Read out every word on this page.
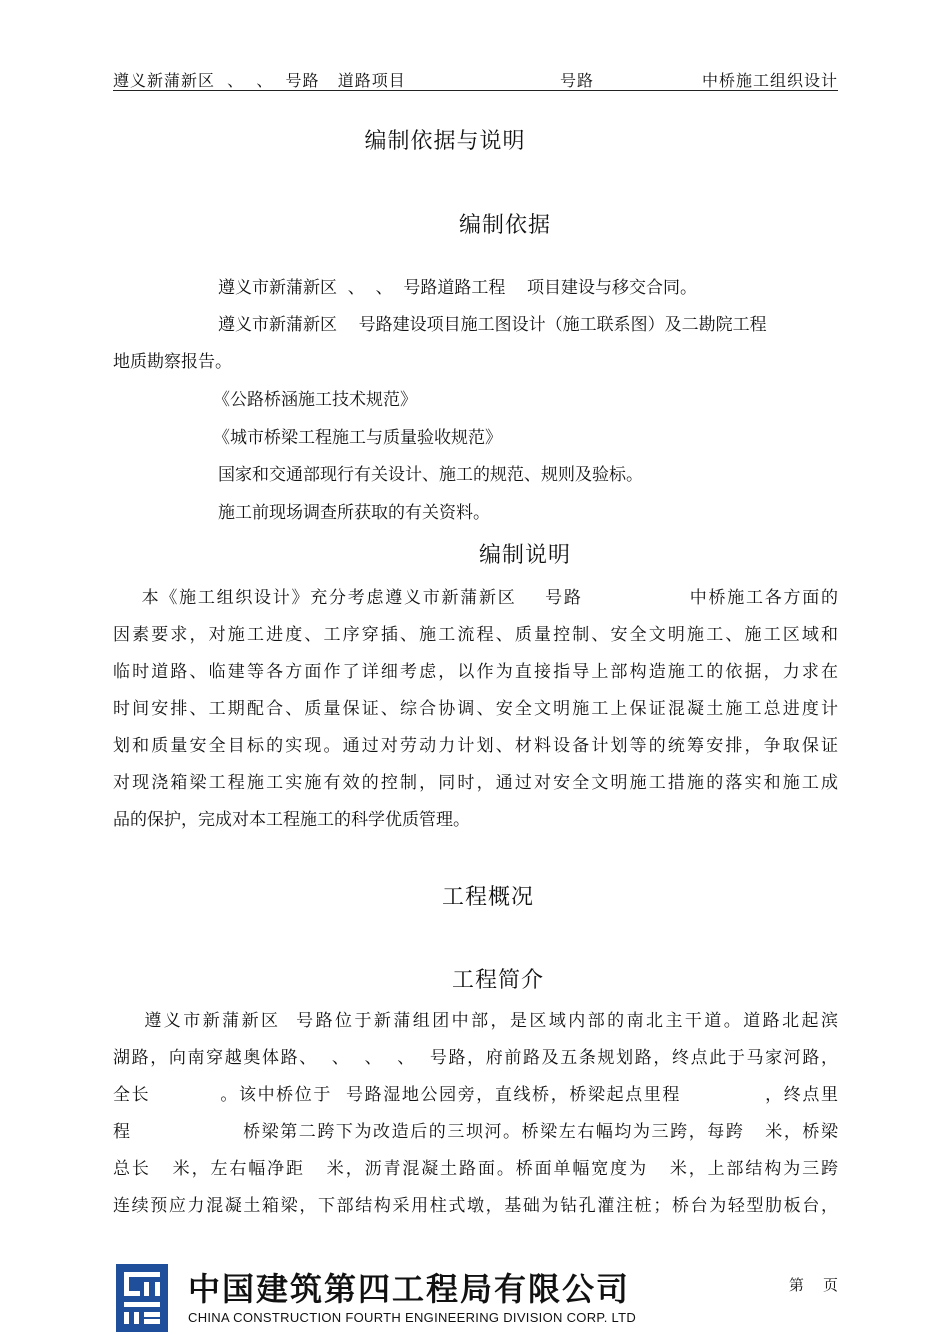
遵义新蒲新区  、  、  号路   道路项目	号路	中桥施工组织设计
编制依据与说明
编制依据
遵义市新蒲新区  、  、  号路道路工程    项目建设与移交合同。
遵义市新蒲新区    号路建设项目施工图设计（施工联系图）及二勘院工程
地质勘察报告。
《公路桥涵施工技术规范》
《城市桥梁工程施工与质量验收规范》
国家和交通部现行有关设计、施工的规范、规则及验标。
施工前现场调查所获取的有关资料。
编制说明
本《施工组织设计》充分考虑遵义市新蒲新区    号路               中桥施工各方面的
因素要求，对施工进度、工序穿插、施工流程、质量控制、安全文明施工、施工区域和
临时道路、临建等各方面作了详细考虑，以作为直接指导上部构造施工的依据，力求在
时间安排、工期配合、质量保证、综合协调、安全文明施工上保证混凝土施工总进度计
划和质量安全目标的实现。通过对劳动力计划、材料设备计划等的统筹安排，争取保证
对现浇箱梁工程施工实施有效的控制，同时，通过对安全文明施工措施的落实和施工成
品的保护，完成对本工程施工的科学优质管理。
工程概况
工程简介
遵义市新蒲新区  号路位于新蒲组团中部，是区域内部的南北主干道。道路北起滨
湖路，向南穿越奥体路、  、  、  、  号路，府前路及五条规划路，终点此于马家河路，
全长          。该中桥位于  号路湿地公园旁，直线桥，桥梁起点里程            ，终点里
程                桥梁第二跨下为改造后的三坝河。桥梁左右幅均为三跨，每跨   米，桥梁
总长   米，左右幅净距   米，沥青混凝土路面。桥面单幅宽度为   米，上部结构为三跨
连续预应力混凝土箱梁，下部结构采用柱式墩，基础为钻孔灌注桩；桥台为轻型肋板台，
中国建筑第四工程局有限公司
CHINA CONSTRUCTION FOURTH ENGINEERING DIVISION CORP. LTD
第    页
